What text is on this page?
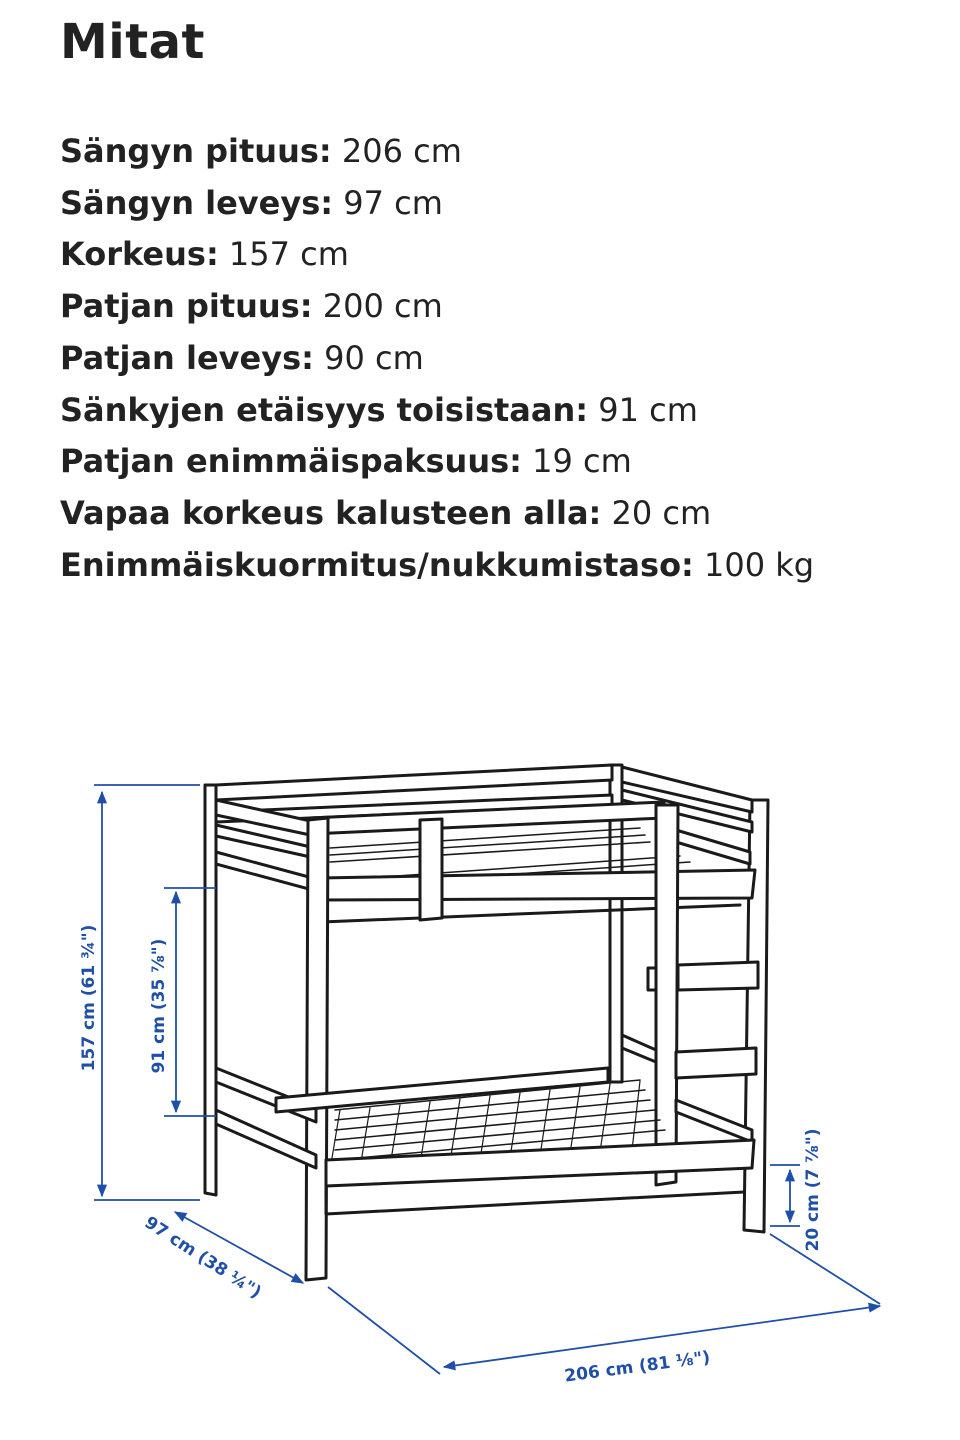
Mitat
Sängyn pituus: 206 cm
Sängyn leveys: 97 cm
Korkeus: 157 cm
Patjan pituus: 200 cm
Patjan leveys: 90 cm
Sänkyjen etäisyys toisistaan: 91 cm
Patjan enimmäispaksuus: 19 cm
Vapaa korkeus kalusteen alla: 20 cm
Enimmäiskuormitus/nukkumistaso: 100 kg
157 cm (61 ¾")	91 cm (35 ⅞")
97 cm (38 ¼")
206 cm (81 ⅛")
20 cm (7 ⅞")
